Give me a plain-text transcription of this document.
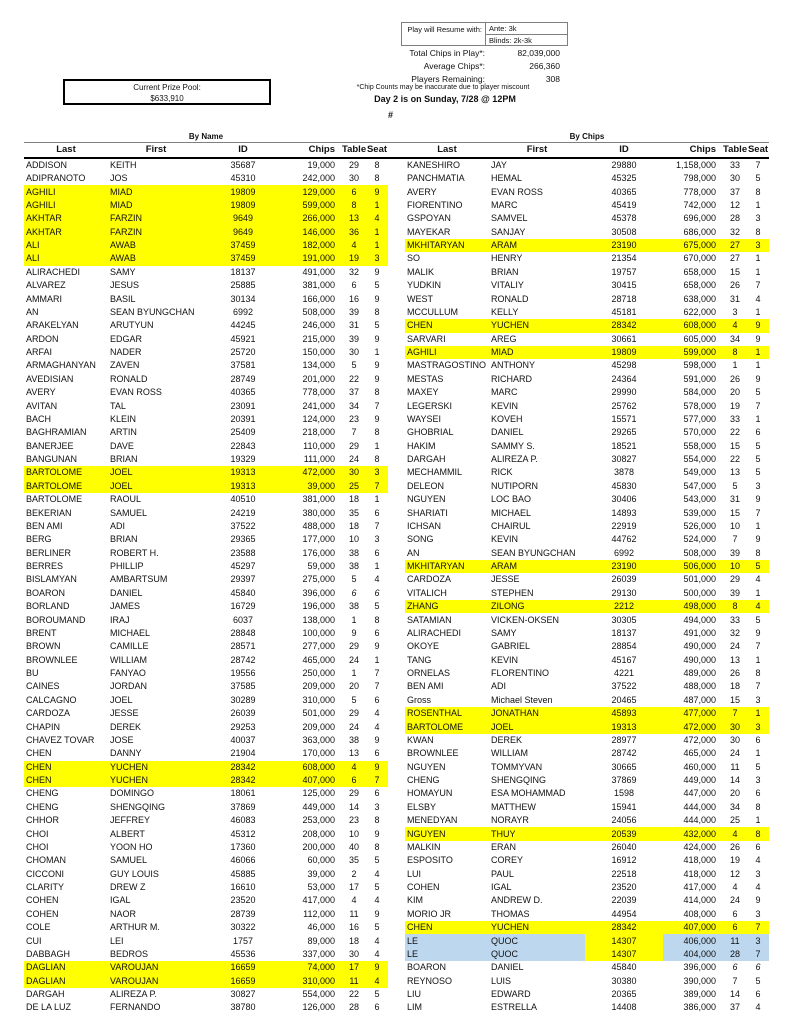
Current Prize Pool:
$633,910
Play will Resume with: Ante: 3k
Blinds: 2k-3k
Total Chips in Play*:	82,039,000
Average Chips*:	266,360
Players Remaining:	308
*Chip Counts may be inaccurate due to player miscount
Day 2 is on Sunday, 7/28 @ 12PM
#
By Name	By Chips
Last	First	ID	Chips	Table	Seat		Last	First	ID	Chips	Table	Seat
ADDISON	KEITH	35687	19,000	29	8		KANESHIRO	JAY	29880	1,158,000	33	7
ADIPRANOTO	JOS	45310	242,000	30	8		PANCHMATIA	HEMAL	45325	798,000	30	5
AGHILI	MIAD	19809	129,000	6	9		AVERY	EVAN ROSS	40365	778,000	37	8
AGHILI	MIAD	19809	599,000	8	1		FIORENTINO	MARC	45419	742,000	12	1
AKHTAR	FARZIN	9649	266,000	13	4		GSPOYAN	SAMVEL	45378	696,000	28	3
AKHTAR	FARZIN	9649	146,000	36	1		MAYEKAR	SANJAY	30508	686,000	32	8
ALI	AWAB	37459	182,000	4	1		MKHITARYAN	ARAM	23190	675,000	27	3
ALI	AWAB	37459	191,000	19	3		SO	HENRY	21354	670,000	27	1
ALIRACHEDI	SAMY	18137	491,000	32	9		MALIK	BRIAN	19757	658,000	15	1
ALVAREZ	JESUS	25885	381,000	6	5		YUDKIN	VITALIY	30415	658,000	26	7
AMMARI	BASIL	30134	166,000	16	9		WEST	RONALD	28718	638,000	31	4
AN	SEAN BYUNGCHAN	6992	508,000	39	8		MCCULLUM	KELLY	45181	622,000	3	1
ARAKELYAN	ARUTYUN	44245	246,000	31	5		CHEN	YUCHEN	28342	608,000	4	9
ARDON	EDGAR	45921	215,000	39	9		SARVARI	AREG	30661	605,000	34	9
ARFAI	NADER	25720	150,000	30	1		AGHILI	MIAD	19809	599,000	8	1
ARMAGHANYAN	ZAVEN	37581	134,000	5	9		MASTRAGOSTINO	ANTHONY	45298	598,000	1	1
AVEDISIAN	RONALD	28749	201,000	22	9		MESTAS	RICHARD	24364	591,000	26	9
AVERY	EVAN ROSS	40365	778,000	37	8		MAXEY	MARC	29990	584,000	20	5
AVITAN	TAL	23091	241,000	34	7		LEGERSKI	KEVIN	25762	578,000	19	7
BACH	KLEIN	20391	124,000	23	9		WAYSEI	KOVEH	15571	577,000	33	1
BAGHRAMIAN	ARTIN	25409	218,000	7	8		GHOBRIAL	DANIEL	29265	570,000	22	6
BANERJEE	DAVE	22843	110,000	29	1		HAKIM	SAMMY S.	18521	558,000	15	5
BANGUNAN	BRIAN	19329	111,000	24	8		DARGAH	ALIREZA P.	30827	554,000	22	5
BARTOLOME	JOEL	19313	472,000	30	3		MECHAMMIL	RICK	3878	549,000	13	5
BARTOLOME	JOEL	19313	39,000	25	7		DELEON	NUTIPORN	45830	547,000	5	3
BARTOLOME	RAOUL	40510	381,000	18	1		NGUYEN	LOC BAO	30406	543,000	31	9
BEKERIAN	SAMUEL	24219	380,000	35	6		SHARIATI	MICHAEL	14893	539,000	15	7
BEN AMI	ADI	37522	488,000	18	7		ICHSAN	CHAIRUL	22919	526,000	10	1
BERG	BRIAN	29365	177,000	10	3		SONG	KEVIN	44762	524,000	7	9
BERLINER	ROBERT H.	23588	176,000	38	6		AN	SEAN BYUNGCHAN	6992	508,000	39	8
BERRES	PHILLIP	45297	59,000	38	1		MKHITARYAN	ARAM	23190	506,000	10	5
BISLAMYAN	AMBARTSUM	29397	275,000	5	4		CARDOZA	JESSE	26039	501,000	29	4
BOARON	DANIEL	45840	396,000	6	6		VITALICH	STEPHEN	29130	500,000	39	1
BORLAND	JAMES	16729	196,000	38	5		ZHANG	ZILONG	2212	498,000	8	4
BOROUMAND	IRAJ	6037	138,000	1	8		SATAMIAN	VICKEN-OKSEN	30305	494,000	33	5
BRENT	MICHAEL	28848	100,000	9	6		ALIRACHEDI	SAMY	18137	491,000	32	9
BROWN	CAMILLE	28571	277,000	29	9		OKOYE	GABRIEL	28854	490,000	24	7
BROWNLEE	WILLIAM	28742	465,000	24	1		TANG	KEVIN	45167	490,000	13	1
BU	FANYAO	19556	250,000	1	7		ORNELAS	FLORENTINO	4221	489,000	26	8
CAINES	JORDAN	37585	209,000	20	7		BEN AMI	ADI	37522	488,000	18	7
CALCAGNO	JOEL	30289	310,000	5	6		Gross	Michael Steven	20465	487,000	15	3
CARDOZA	JESSE	26039	501,000	29	4		ROSENTHAL	JONATHAN	45893	477,000	7	1
CHAPIN	DEREK	29253	209,000	24	4		BARTOLOME	JOEL	19313	472,000	30	3
CHAVEZ TOVAR	JOSE	40037	363,000	38	9		KWAN	DEREK	28977	472,000	30	6
CHEN	DANNY	21904	170,000	13	6		BROWNLEE	WILLIAM	28742	465,000	24	1
CHEN	YUCHEN	28342	608,000	4	9		NGUYEN	TOMMYVAN	30665	460,000	11	5
CHEN	YUCHEN	28342	407,000	6	7		CHENG	SHENGQING	37869	449,000	14	3
CHENG	DOMINGO	18061	125,000	29	6		HOMAYUN	ESA MOHAMMAD	1598	447,000	20	6
CHENG	SHENGQING	37869	449,000	14	3		ELSBY	MATTHEW	15941	444,000	34	8
CHHOR	JEFFREY	46083	253,000	23	8		MENEDYAN	NORAYR	24056	444,000	25	1
CHOI	ALBERT	45312	208,000	10	9		NGUYEN	THUY	20539	432,000	4	8
CHOI	YOON HO	17360	200,000	40	8		MALKIN	ERAN	26040	424,000	26	6
CHOMAN	SAMUEL	46066	60,000	35	5		ESPOSITO	COREY	16912	418,000	19	4
CICCONI	GUY LOUIS	45885	39,000	2	4		LUI	PAUL	22518	418,000	12	3
CLARITY	DREW Z	16610	53,000	17	5		COHEN	IGAL	23520	417,000	4	4
COHEN	IGAL	23520	417,000	4	4		KIM	ANDREW D.	22039	414,000	24	9
COHEN	NAOR	28739	112,000	11	9		MORIO JR	THOMAS	44954	408,000	6	3
COLE	ARTHUR M.	30322	46,000	16	5		CHEN	YUCHEN	28342	407,000	6	7
CUI	LEI	1757	89,000	18	4		LE	QUOC	14307	406,000	11	3
DABBAGH	BEDROS	45536	337,000	30	4		LE	QUOC	14307	404,000	28	7
DAGLIAN	VAROUJAN	16659	74,000	17	9		BOARON	DANIEL	45840	396,000	6	6
DAGLIAN	VAROUJAN	16659	310,000	11	4		REYNOSO	LUIS	30380	390,000	7	5
DARGAH	ALIREZA P.	30827	554,000	22	5		LIU	EDWARD	20365	389,000	14	6
DE LA LUZ	FERNANDO	38780	126,000	28	6		LIM	ESTRELLA	14408	386,000	37	4
